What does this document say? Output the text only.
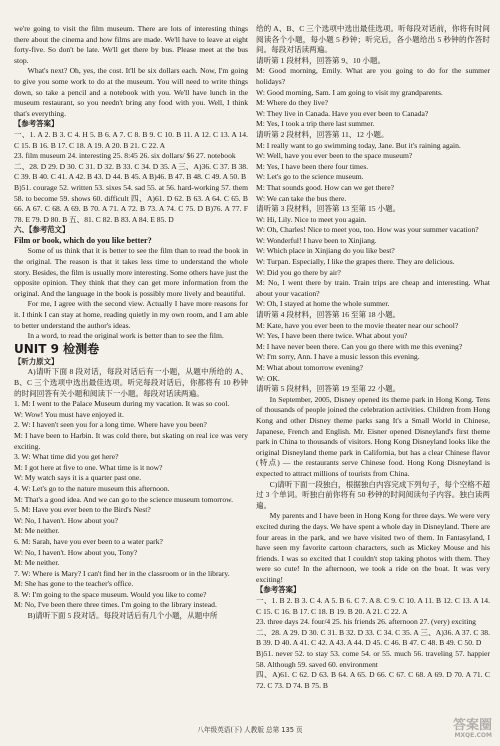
we're going to visit the film museum. There are lots of interesting things there about the cinema and how films are made. We'll have to leave at eight forty-five. So don't be late. We'll get there by bus. Please meet at the bus stop.

What's next? Oh, yes, the cost. It'll be six dollars each. Now, I'm going to give you some work to do at the museum. You will need to write things down, so take a pencil and a notebook with you. We'll have lunch in the museum restaurant, so you needn't bring any food with you. Well, I think that's everything.

【参考答案】

一、1. A 2. B 3. C 4. H 5. B 6. A 7. C 8. B 9. C 10. B 11. A 12. C 13. A 14. C 15. B 16. B 17. C 18. A 19. A 20. B 21. C 22. A

23. film museum 24. interesting 25. 8:45 26. six dollars/ $6 27. notebook

二、28. D 29. D 30. C 31. D 32. B 33. C 34. D 35. A 三、A)36. C 37. B 38. C 39. B 40. C 41. A 42. B 43. D 44. B 45. A B)46. B 47. B 48. C 49. A 50. B

B)51. courage 52. written 53. sixes 54. sad 55. at 56. hard-working 57. them 58. to become 59. shows 60. difficult 四、A)61. D 62. B 63. A 64. C 65. B 66. A 67. C 68. A 69. B 70. A 71. A 72. B 73. A 74. C 75. D B)76. A 77. F 78. E 79. D 80. B 五、81. C 82. B 83. A 84. E 85. D

六、【参考范文】

Film or book, which do you like better?

Some of us think that it is better to see the film than to read the book in the original. The reason is that it takes less time to understand the whole story. Besides, the film is usually more interesting. Some others have just the opposite opinion. They think that they can get more information from the original. And the language in the book is possibly more lively and beautiful.

For me, I agree with the second view. Actually I have more reasons for it. I think I can stay at home, reading quietly in my own room, and I am able to better understand the author's ideas.

In a word, to read the original work is better than to see the film.

UNIT 9 检测卷

【听力原文】

A)请听下面 8 段对话，每段对话后有一小题，从题中所给的 A、B、C 三个选项中选出最佳选项。听完每段对话后，你都将有 10 秒钟的时间回答有关小题和阅读下一小题。每段对话读两遍。

1. M: I went to the Palace Museum during my vacation. It was so cool.

W: Wow! You must have enjoyed it.

2. W: I haven't seen you for a long time. Where have you been?

M: I have been to Harbin. It was cold there, but skating on real ice was very exciting.

3. W: What time did you get here?

M: I got here at five to one. What time is it now?

W: My watch says it is a quarter past one.

4. W: Let's go to the nature museum this afternoon.

M: That's a good idea. And we can go to the science museum tomorrow.

5. M: Have you ever been to the Bird's Nest?

W: No, I haven't. How about you?

M: Me neither.

6. M: Sarah, have you ever been to a water park?

W: No, I haven't. How about you, Tony?

M: Me neither.

7. W: Where is Mary? I can't find her in the classroom or in the library.

M: She has gone to the teacher's office.

8. W: I'm going to the space museum. Would you like to come?

M: No, I've been there three times. I'm going to the library instead.

B)请听下面 5 段对话。每段对话后有几个小题，从题中所

给的 A、B、C 三个选项中选出最佳选项。听每段对话前，你将有时间阅读各个小题，每小题 5 秒钟；听完后，各小题给出 5 秒钟的作答时间。每段对话读两遍。

请听第 1 段材料，回答第 9、10 小题。

M: Good morning, Emily. What are you going to do for the summer holidays?

W: Good morning, Sam. I am going to visit my grandparents.

M: Where do they live?

W: They live in Canada. Have you ever been to Canada?

M: Yes, I took a trip there last summer.

请听第 2 段材料，回答第 11、12 小题。

M: I really want to go swimming today, Jane. But it's raining again.

W: Well, have you ever been to the space museum?

M: Yes, I have been there four times.

W: Let's go to the science museum.

M: That sounds good. How can we get there?

W: We can take the bus there.

请听第 3 段材料，回答第 13 至第 15 小题。

W: Hi, Lily. Nice to meet you again.

W: Oh, Charles! Nice to meet you, too. How was your summer vacation?

W: Wonderful! I have been to Xinjiang.

W: Which place in Xinjiang do you like best?

W: Turpan. Especially, I like the grapes there. They are delicious.

W: Did you go there by air?

M: No, I went there by train. Train trips are cheap and interesting. What about your vacation?

W: Oh, I stayed at home the whole summer.

请听第 4 段材料，回答第 16 至第 18 小题。

M: Kate, have you ever been to the movie theater near our school?

W: Yes, I have been there twice. What about you?

M: I have never been there. Can you go there with me this evening?

W: I'm sorry, Ann. I have a music lesson this evening.

M: What about tomorrow evening?

W: OK.

请听第 5 段材料，回答第 19 至第 22 小题。

In September, 2005, Disney opened its theme park in Hong Kong. Tens of thousands of people joined the celebration activities. Children from Hong Kong and other Disney theme parks sang It's a Small World in Chinese, Japanese, French and English. Mr. Eisner opened Disneyland's first theme park in China to thousands of visitors. Hong Kong Disneyland looks like the original Disneyland theme park in California, but has a clear Chinese flavor (特点) — the restaurants serve Chinese food. Hong Kong Disneyland is expected to attract millions of tourists from China.

C)请听下面一段独白，根据独白内容完成下列句子，每个空格不超过 3 个单词。听独白前你将有 50 秒钟的时间阅读句子内容。独白读两遍。

My parents and I have been in Hong Kong for three days. We were very excited during the days. We have spent a whole day in Disneyland. There are four areas in the park, and we have visited two of them. In Fantasyland, I have seen my favorite cartoon characters, such as Mickey Mouse and his friends. I was so excited that I couldn't stop taking photos with them. They were so cute! In the afternoon, we took a ride on the boat. It was very exciting!

【参考答案】

一、1. B 2. B 3. C 4. A 5. B 6. C 7. A 8. C 9. C 10. A 11. B 12. C 13. A 14. C 15. C 16. B 17. C 18. B 19. B 20. A 21. C 22. A

23. three days 24. four/4 25. his friends 26. afternoon 27. (very) exciting

二、28. A 29. D 30. C 31. B 32. D 33. C 34. C 35. A 三、A)36. A 37. C 38. B 39. D 40. A 41. C 42. A 43. A 44. D 45. C 46. B 47. C 48. B 49. C 50. D

B)51. never 52. to stay 53. come 54. or 55. much 56. traveling 57. happier 58. Although 59. saved 60. environment

四、A)61. C 62. D 63. B 64. A 65. D 66. C 67. C 68. A 69. D 70. A 71. C 72. C 73. D 74. B 75. B

八年级英语(下) 人教版 总第 135 页	答案圈
MXQE.COM
